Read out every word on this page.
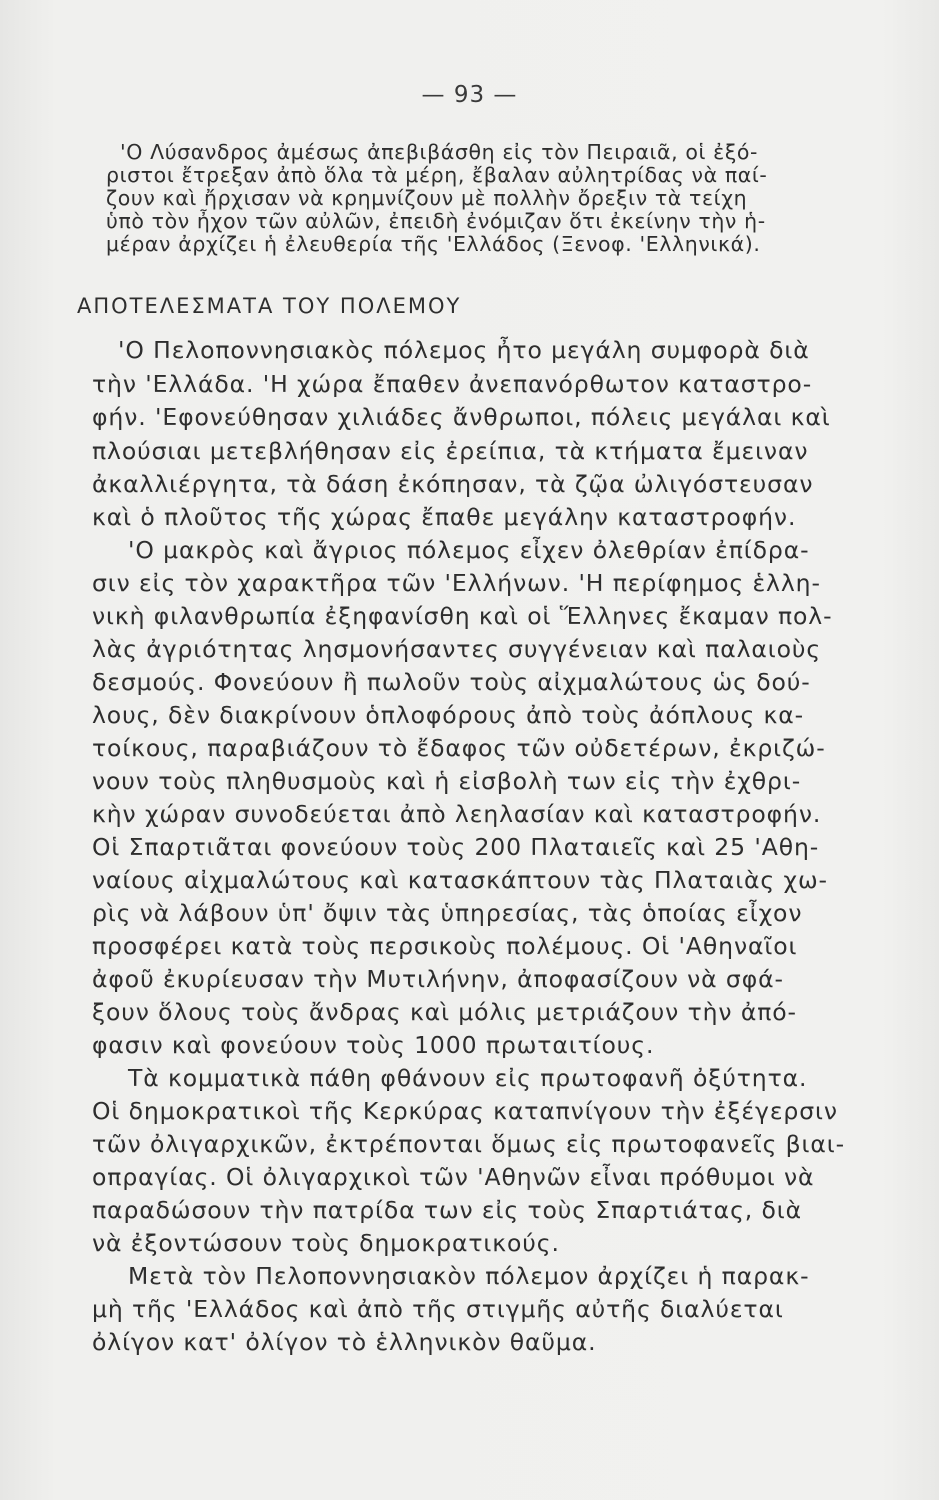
— 93 —
'Ο Λύσανδρος ἀμέσως ἀπεβιβάσθη εἰς τὸν Πειραιᾶ, οἱ ἐξό-
ριστοι ἔτρεξαν ἀπὸ ὅλα τὰ μέρη, ἔβαλαν αὐλητρίδας νὰ παί-
ζουν καὶ ἤρχισαν νὰ κρημνίζουν μὲ πολλὴν ὄρεξιν τὰ τείχη
ὑπὸ τὸν ἦχον τῶν αὐλῶν, ἐπειδὴ ἐνόμιζαν ὅτι ἐκείνην τὴν ἡ-
μέραν ἀρχίζει ἡ ἐλευθερία τῆς 'Ελλάδος (Ξενοφ. 'Ελληνικά).
ΑΠΟΤΕΛΕΣΜΑΤΑ ΤΟΥ ΠΟΛΕΜΟΥ
'Ο Πελοποννησιακὸς πόλεμος ἦτο μεγάλη συμφορὰ διὰ
τὴν 'Ελλάδα. 'Η χώρα ἔπαθεν ἀνεπανόρθωτον καταστρο-
φήν. 'Εφονεύθησαν χιλιάδες ἄνθρωποι, πόλεις μεγάλαι καὶ
πλούσιαι μετεβλήθησαν εἰς ἐρείπια, τὰ κτήματα ἔμειναν
ἀκαλλιέργητα, τὰ δάση ἐκόπησαν, τὰ ζῷα ὠλιγόστευσαν
καὶ ὁ πλοῦτος τῆς χώρας ἔπαθε μεγάλην καταστροφήν.
'Ο μακρὸς καὶ ἄγριος πόλεμος εἶχεν ὀλεθρίαν ἐπίδρα-
σιν εἰς τὸν χαρακτῆρα τῶν 'Ελλήνων. 'Η περίφημος ἑλλη-
νικὴ φιλανθρωπία ἐξηφανίσθη καὶ οἱ Ἕλληνες ἔκαμαν πολ-
λὰς ἀγριότητας λησμονήσαντες συγγένειαν καὶ παλαιοὺς
δεσμούς. Φονεύουν ἢ πωλοῦν τοὺς αἰχμαλώτους ὡς δού-
λους, δὲν διακρίνουν ὁπλοφόρους ἀπὸ τοὺς ἀόπλους κα-
τοίκους, παραβιάζουν τὸ ἔδαφος τῶν οὐδετέρων, ἐκριζώ-
νουν τοὺς πληθυσμοὺς καὶ ἡ εἰσβολὴ των εἰς τὴν ἐχθρι-
κὴν χώραν συνοδεύεται ἀπὸ λεηλασίαν καὶ καταστροφήν.
Οἱ Σπαρτιᾶται φονεύουν τοὺς 200 Πλαταιεῖς καὶ 25 'Αθη-
ναίους αἰχμαλώτους καὶ κατασκάπτουν τὰς Πλαταιὰς χω-
ρὶς νὰ λάβουν ὑπ' ὄψιν τὰς ὑπηρεσίας, τὰς ὁποίας εἶχον
προσφέρει κατὰ τοὺς περσικοὺς πολέμους. Οἱ 'Αθηναῖοι
ἀφοῦ ἐκυρίευσαν τὴν Μυτιλήνην, ἀποφασίζουν νὰ σφά-
ξουν ὅλους τοὺς ἄνδρας καὶ μόλις μετριάζουν τὴν ἀπό-
φασιν καὶ φονεύουν τοὺς 1000 πρωταιτίους.
Τὰ κομματικὰ πάθη φθάνουν εἰς πρωτοφανῆ ὀξύτητα.
Οἱ δημοκρατικοὶ τῆς Κερκύρας καταπνίγουν τὴν ἐξέγερσιν
τῶν ὀλιγαρχικῶν, ἐκτρέπονται ὅμως εἰς πρωτοφανεῖς βιαι-
οπραγίας. Οἱ ὀλιγαρχικοὶ τῶν 'Αθηνῶν εἶναι πρόθυμοι νὰ
παραδώσουν τὴν πατρίδα των εἰς τοὺς Σπαρτιάτας, διὰ
νὰ ἐξοντώσουν τοὺς δημοκρατικούς.
Μετὰ τὸν Πελοποννησιακὸν πόλεμον ἀρχίζει ἡ παρακ-
μὴ τῆς 'Ελλάδος καὶ ἀπὸ τῆς στιγμῆς αὐτῆς διαλύεται
ὀλίγον κατ' ὀλίγον τὸ ἑλληνικὸν θαῦμα.
